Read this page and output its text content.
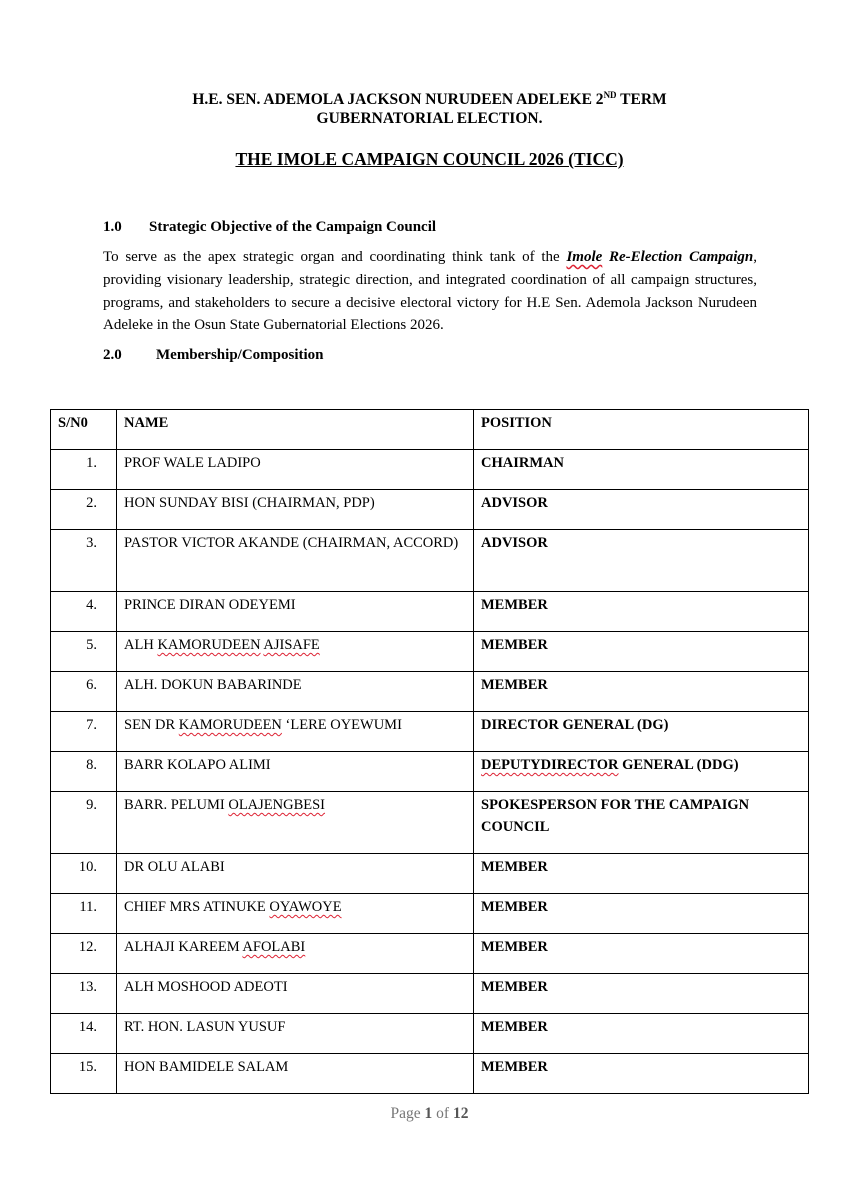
H.E. SEN. ADEMOLA JACKSON NURUDEEN ADELEKE 2ND TERM
GUBERNATORIAL ELECTION.
THE IMOLE CAMPAIGN COUNCIL 2026 (TICC)
1.0 Strategic Objective of the Campaign Council
To serve as the apex strategic organ and coordinating think tank of the Imole Re-Election Campaign, providing visionary leadership, strategic direction, and integrated coordination of all campaign structures, programs, and stakeholders to secure a decisive electoral victory for H.E Sen. Ademola Jackson Nurudeen Adeleke in the Osun State Gubernatorial Elections 2026.
2.0 Membership/Composition
S/N0	NAME	POSITION
1.	PROF WALE LADIPO	CHAIRMAN
2.	HON SUNDAY BISI (CHAIRMAN, PDP)	ADVISOR
3.	PASTOR VICTOR AKANDE (CHAIRMAN, ACCORD)	ADVISOR
4.	PRINCE DIRAN ODEYEMI	MEMBER
5.	ALH KAMORUDEEN AJISAFE	MEMBER
6.	ALH. DOKUN BABARINDE	MEMBER
7.	SEN DR KAMORUDEEN ‘LERE OYEWUMI	DIRECTOR GENERAL (DG)
8.	BARR KOLAPO ALIMI	DEPUTYDIRECTOR GENERAL (DDG)
9.	BARR. PELUMI OLAJENGBESI	SPOKESPERSON FOR THE CAMPAIGN COUNCIL
10.	DR OLU ALABI	MEMBER
11.	CHIEF MRS ATINUKE OYAWOYE	MEMBER
12.	ALHAJI KAREEM AFOLABI	MEMBER
13.	ALH MOSHOOD ADEOTI	MEMBER
14.	RT. HON. LASUN YUSUF	MEMBER
15.	HON BAMIDELE SALAM	MEMBER
Page 1 of 12
